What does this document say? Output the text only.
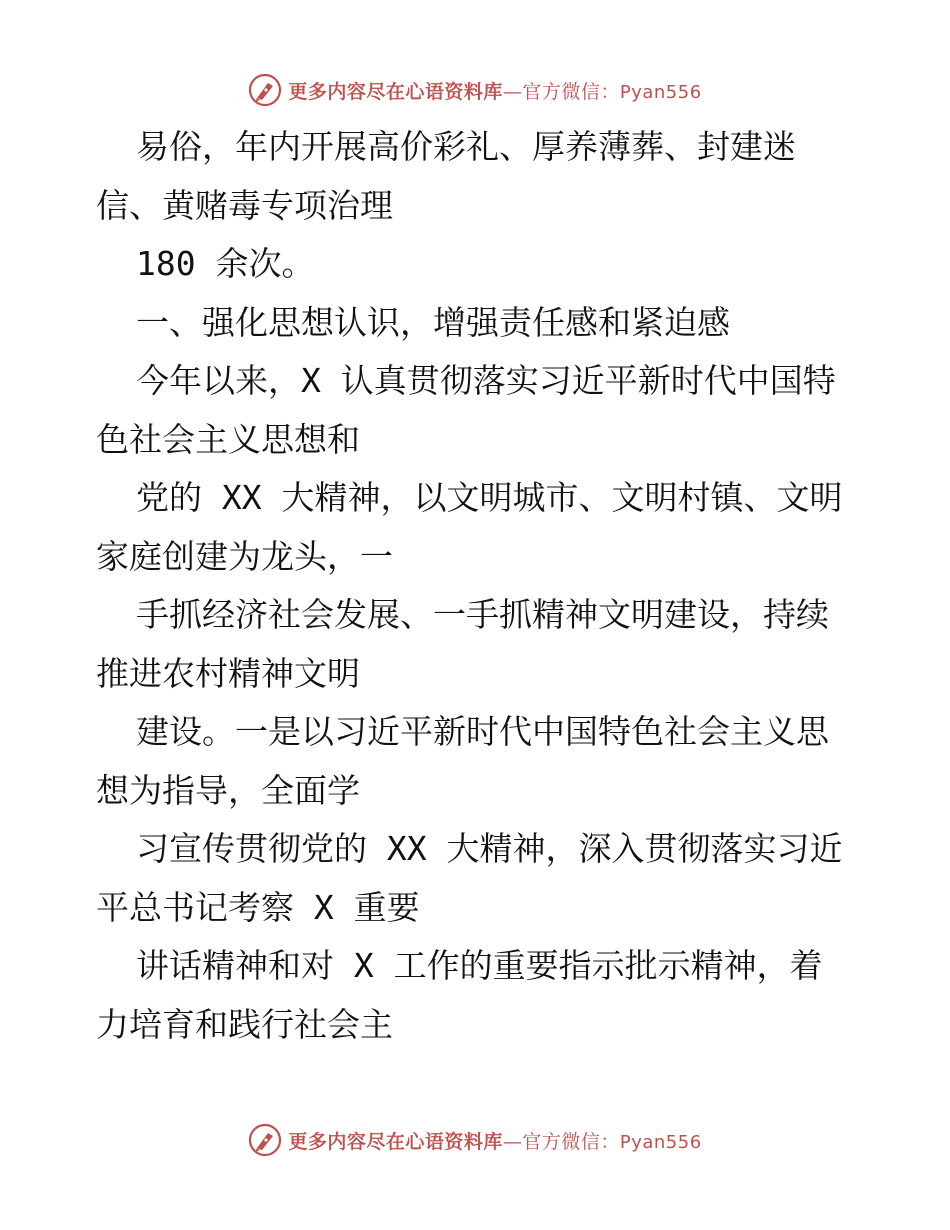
更多内容尽在心语资料库—官方微信：Pyan556
易俗，年内开展高价彩礼、厚养薄葬、封建迷
信、黄赌毒专项治理
180 余次。
一、强化思想认识，增强责任感和紧迫感
今年以来，X 认真贯彻落实习近平新时代中国特
色社会主义思想和
党的 XX 大精神，以文明城市、文明村镇、文明
家庭创建为龙头，一
手抓经济社会发展、一手抓精神文明建设，持续
推进农村精神文明
建设。一是以习近平新时代中国特色社会主义思
想为指导，全面学
习宣传贯彻党的 XX 大精神，深入贯彻落实习近
平总书记考察 X 重要
讲话精神和对 X 工作的重要指示批示精神，着
力培育和践行社会主
更多内容尽在心语资料库—官方微信：Pyan556
